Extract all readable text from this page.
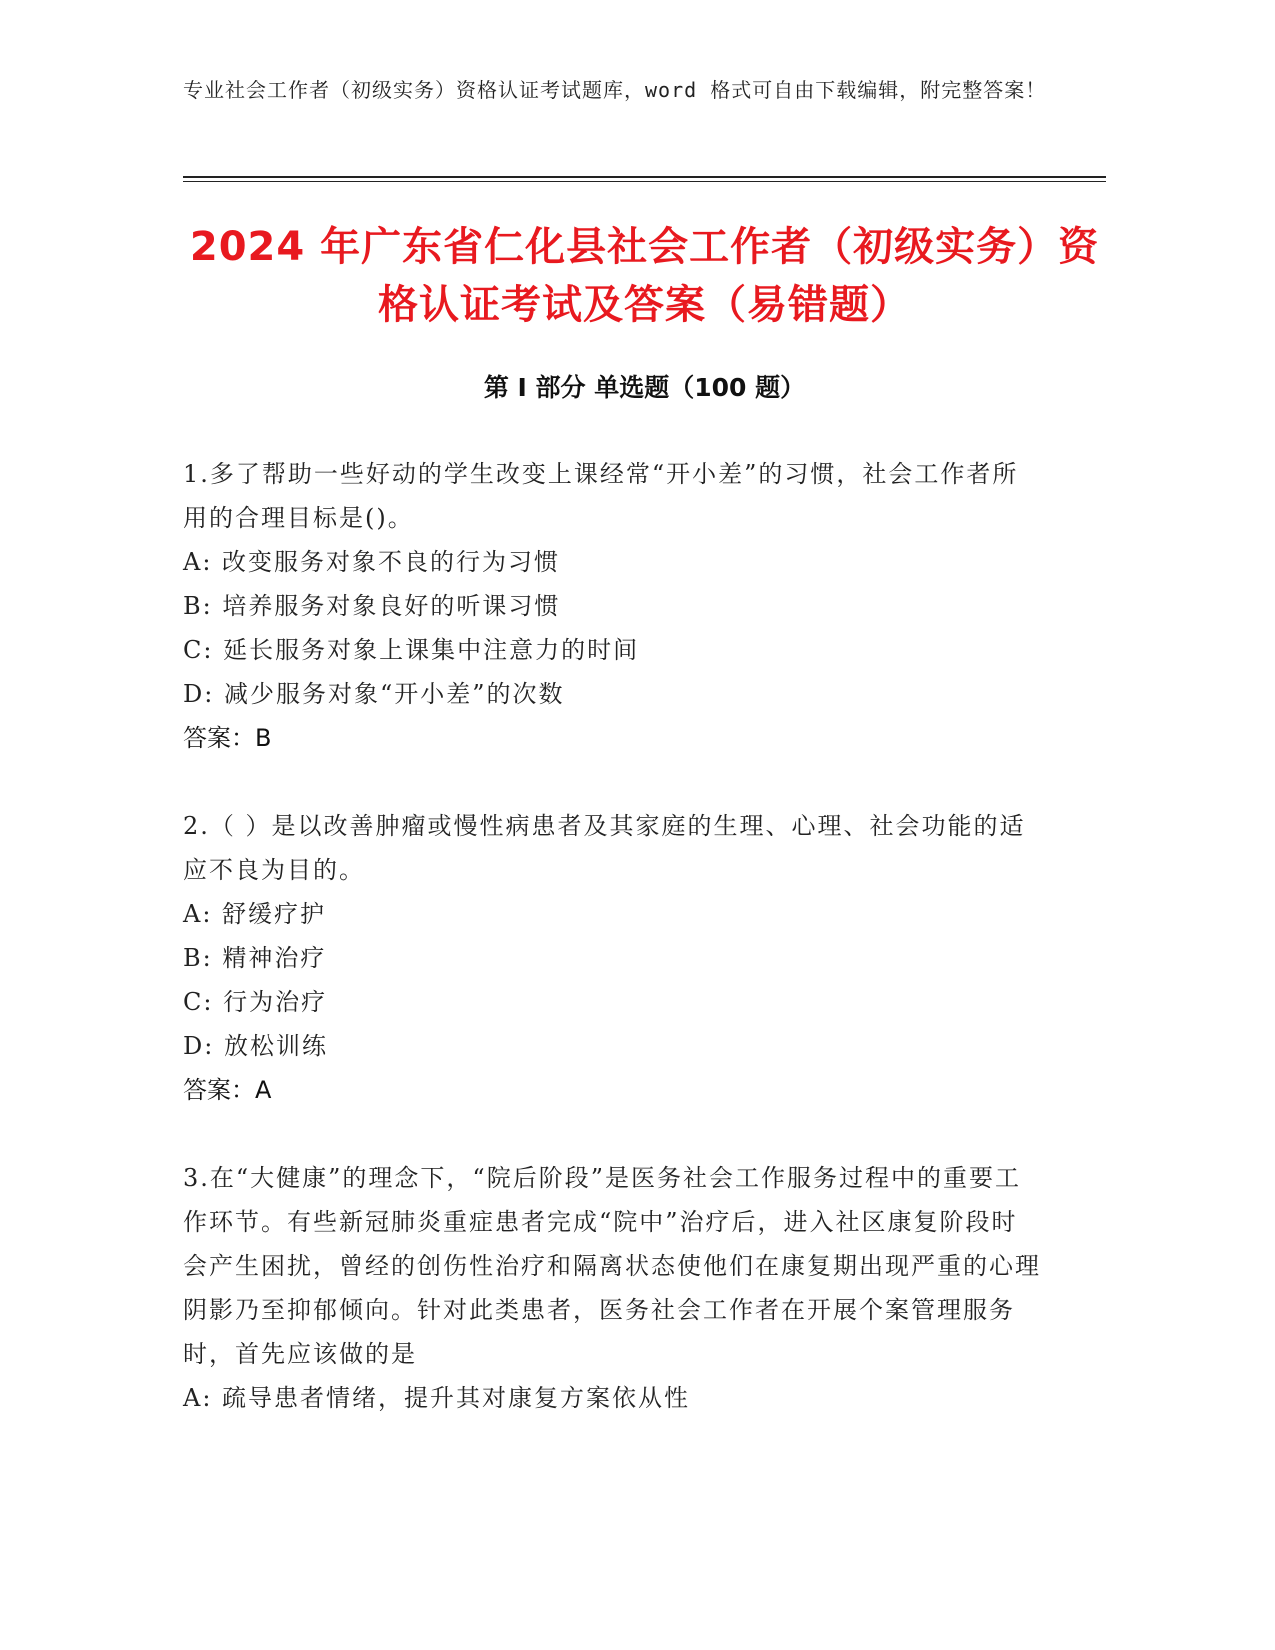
专业社会工作者（初级实务）资格认证考试题库，word 格式可自由下载编辑，附完整答案！
2024 年广东省仁化县社会工作者（初级实务）资格认证考试及答案（易错题）
第 I 部分 单选题（100 题）
1.多了帮助一些好动的学生改变上课经常“开小差”的习惯，社会工作者所用的合理目标是()。
A: 改变服务对象不良的行为习惯
B: 培养服务对象良好的听课习惯
C: 延长服务对象上课集中注意力的时间
D: 减少服务对象“开小差”的次数
答案：B
2.（ ）是以改善肿瘤或慢性病患者及其家庭的生理、心理、社会功能的适应不良为目的。
A: 舒缓疗护
B: 精神治疗
C: 行为治疗
D: 放松训练
答案：A
3.在“大健康”的理念下，“院后阶段”是医务社会工作服务过程中的重要工作环节。有些新冠肺炎重症患者完成“院中”治疗后，进入社区康复阶段时会产生困扰，曾经的创伤性治疗和隔离状态使他们在康复期出现严重的心理阴影乃至抑郁倾向。针对此类患者，医务社会工作者在开展个案管理服务时，首先应该做的是
A: 疏导患者情绪，提升其对康复方案依从性
